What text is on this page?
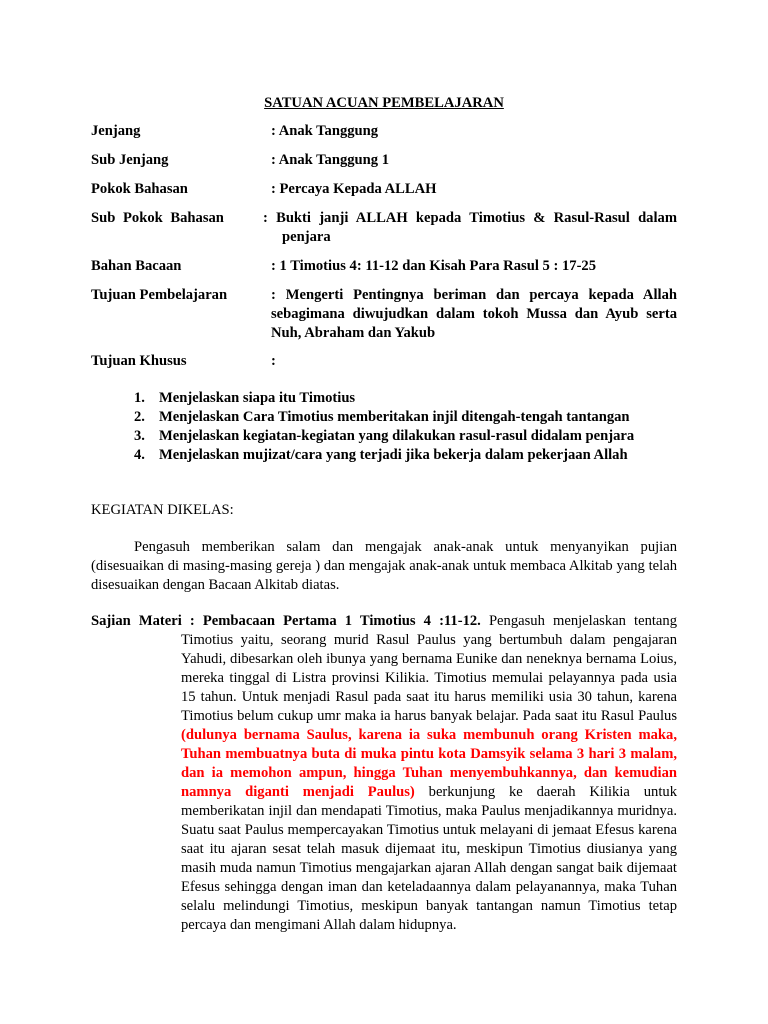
SATUAN ACUAN PEMBELAJARAN
Jenjang	: Anak Tanggung
Sub Jenjang	: Anak Tanggung 1
Pokok Bahasan	: Percaya Kepada ALLAH
Sub Pokok Bahasan	: Bukti janji ALLAH kepada Timotius & Rasul-Rasul dalam
penjara
Bahan Bacaan	: 1 Timotius 4: 11-12 dan Kisah Para Rasul 5 : 17-25
Tujuan Pembelajaran	: Mengerti Pentingnya beriman dan percaya kepada Allah sebagimana diwujudkan dalam tokoh Mussa dan Ayub serta Nuh, Abraham dan Yakub
Tujuan Khusus	:
1. Menjelaskan siapa itu Timotius
2. Menjelaskan Cara Timotius memberitakan injil ditengah-tengah tantangan
3. Menjelaskan kegiatan-kegiatan yang dilakukan rasul-rasul didalam penjara
4. Menjelaskan mujizat/cara yang terjadi jika bekerja dalam pekerjaan Allah
KEGIATAN DIKELAS:
Pengasuh memberikan salam dan mengajak anak-anak untuk menyanyikan pujian (disesuaikan di masing-masing gereja ) dan mengajak anak-anak untuk membaca Alkitab yang telah disesuaikan dengan Bacaan Alkitab diatas.
Sajian Materi : Pembacaan Pertama 1 Timotius 4 :11-12. Pengasuh menjelaskan tentang
Timotius yaitu, seorang murid Rasul Paulus yang bertumbuh dalam pengajaran Yahudi, dibesarkan oleh ibunya yang bernama Eunike dan neneknya bernama Loius, mereka tinggal di Listra provinsi Kilikia. Timotius memulai pelayannya pada usia 15 tahun. Untuk menjadi Rasul pada saat itu harus memiliki usia 30 tahun, karena Timotius belum cukup umr maka ia harus banyak belajar. Pada saat itu Rasul Paulus (dulunya bernama Saulus, karena ia suka membunuh orang Kristen maka, Tuhan membuatnya buta di muka pintu kota Damsyik selama 3 hari 3 malam, dan ia memohon ampun, hingga Tuhan menyembuhkannya, dan kemudian namnya diganti menjadi Paulus) berkunjung ke daerah Kilikia untuk memberikatan injil dan mendapati Timotius, maka Paulus menjadikannya muridnya. Suatu saat Paulus mempercayakan Timotius untuk melayani di jemaat Efesus karena saat itu ajaran sesat telah masuk dijemaat itu, meskipun Timotius diusianya yang masih muda namun Timotius mengajarkan ajaran Allah dengan sangat baik dijemaat Efesus sehingga dengan iman dan keteladaannya dalam pelayanannya, maka Tuhan selalu melindungi Timotius, meskipun banyak tantangan namun Timotius tetap percaya dan mengimani Allah dalam hidupnya.
